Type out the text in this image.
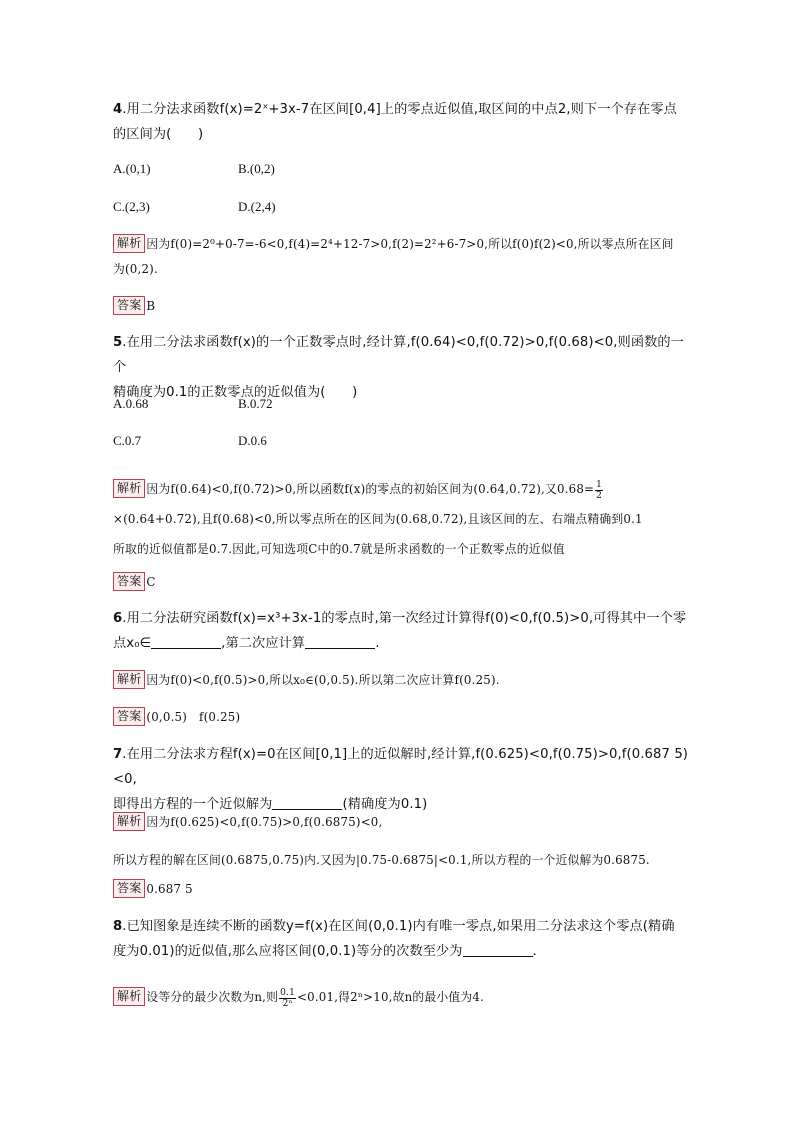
4.用二分法求函数f(x)=2ˣ+3x-7在区间[0,4]上的零点近似值,取区间的中点2,则下一个存在零点
的区间为(　　)
A.(0,1)	B.(0,2)
C.(2,3)	D.(2,4)
解析 因为f(0)=2⁰+0-7=-6<0,f(4)=2⁴+12-7>0,f(2)=2²+6-7>0,所以f(0)f(2)<0,所以零点所在区间
为(0,2).
答案 B
5.在用二分法求函数f(x)的一个正数零点时,经计算,f(0.64)<0,f(0.72)>0,f(0.68)<0,则函数的一个
精确度为0.1的正数零点的近似值为(　　)
A.0.68	B.0.72
C.0.7	D.0.6
解析 因为f(0.64)<0,f(0.72)>0,所以函数f(x)的零点的初始区间为(0.64,0.72),又$0.68= \frac{1}{2}$
×(0.64+0.72),且f(0.68)<0,所以零点所在的区间为(0.68,0.72),且该区间的左、右端点精确到0.1
所取的近似值都是0.7.因此,可知选项C中的0.7就是所求函数的一个正数零点的近似值
答案 C
6.用二分法研究函数f(x)=x³+3x-1的零点时,第一次经过计算得f(0)<0,f(0.5)>0,可得其中一个零
点x₀∈	,第二次应计算	.
解析 因为f(0)<0,f(0.5)>0,所以x₀∈(0,0.5).所以第二次应计算f(0.25).
答案 (0,0.5)　f(0.25)
7.在用二分法求方程f(x)=0在区间[0,1]上的近似解时,经计算,f(0.625)<0,f(0.75)>0,f(0.687 5)<0,
即得出方程的一个近似解为	(精确度为0.1)
解析 因为f(0.625)<0,f(0.75)>0,f(0.6875)<0,
所以方程的解在区间(0.6875,0.75)内.又因为|0.75-0.6875|<0.1,所以方程的一个近似解为0.6875.
答案 0.687 5
8.已知图象是连续不断的函数y=f(x)在区间(0,0.1)内有唯一零点,如果用二分法求这个零点(精确
度为0.01)的近似值,那么应将区间(0,0.1)等分的次数至少为	.
解析 设等分的最少次数为n,则 $\frac{0.1}{\text{2ⁿ}} <0.01$,得2ⁿ>10,故n的最小值为4.
